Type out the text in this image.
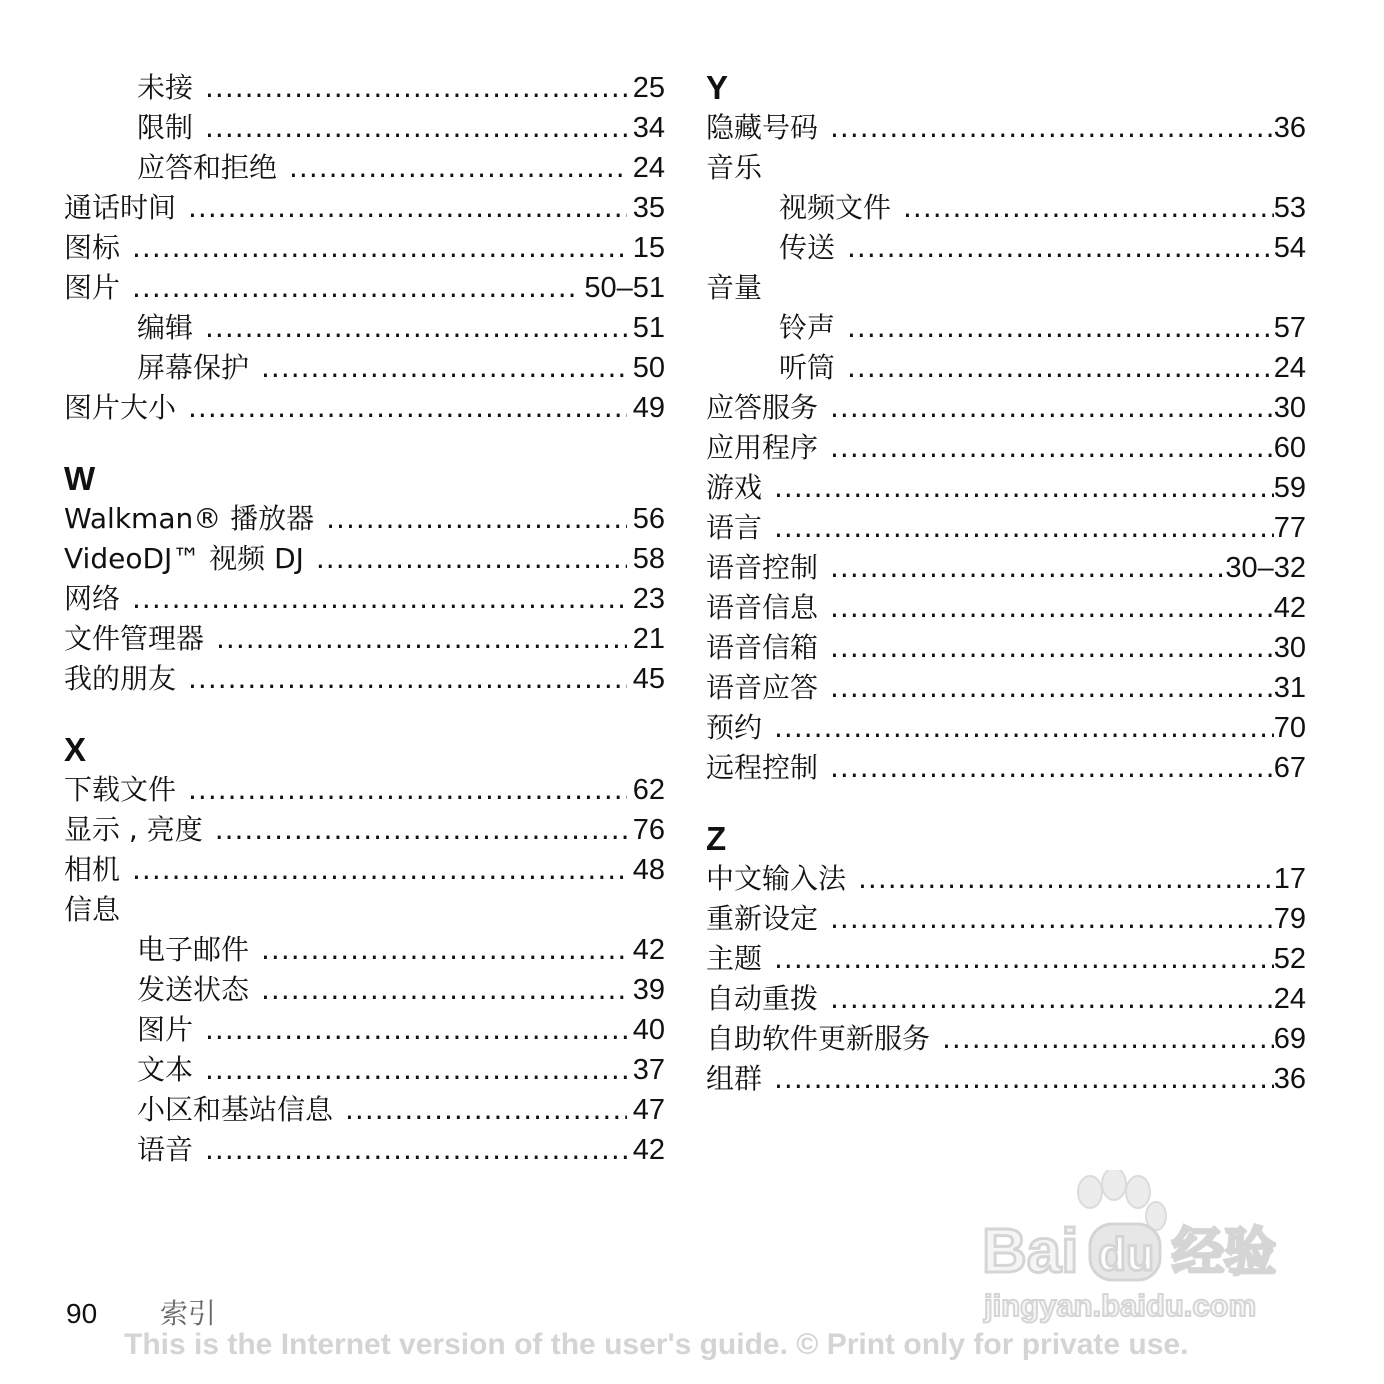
未接 .....	25
限制 .....	34
应答和拒绝 .....	24
通话时间 .....	35
图标 .....	15
图片 .....	50–51
编辑 .....	51
屏幕保护 .....	50
图片大小 .....	49
W
Walkman® 播放器 .....	56
VideoDJ™ 视频 DJ .....	58
网络 .....	23
文件管理器 .....	21
我的朋友 .....	45
X
下载文件 .....	62
显示 , 亮度 .....	76
相机 .....	48
信息
电子邮件 .....	42
发送状态 .....	39
图片 .....	40
文本 .....	37
小区和基站信息 .....	47
语音 .....	42
Y
隐藏号码 .....	36
音乐
视频文件 .....	53
传送 .....	54
音量
铃声 .....	57
听筒 .....	24
应答服务 .....	30
应用程序 .....	60
游戏 .....	59
语言 .....	77
语音控制 .....	30–32
语音信息 .....	42
语音信箱 .....	30
语音应答 .....	31
预约 .....	70
远程控制 .....	67
Z
中文输入法 .....	17
重新设定 .....	79
主题 .....	52
自动重拨 .....	24
自助软件更新服务 .....	69
组群 .....	36
90	索引
This is the Internet version of the user's guide. © Print only for private use.
Bai du 经验
jingyan.baidu.com
